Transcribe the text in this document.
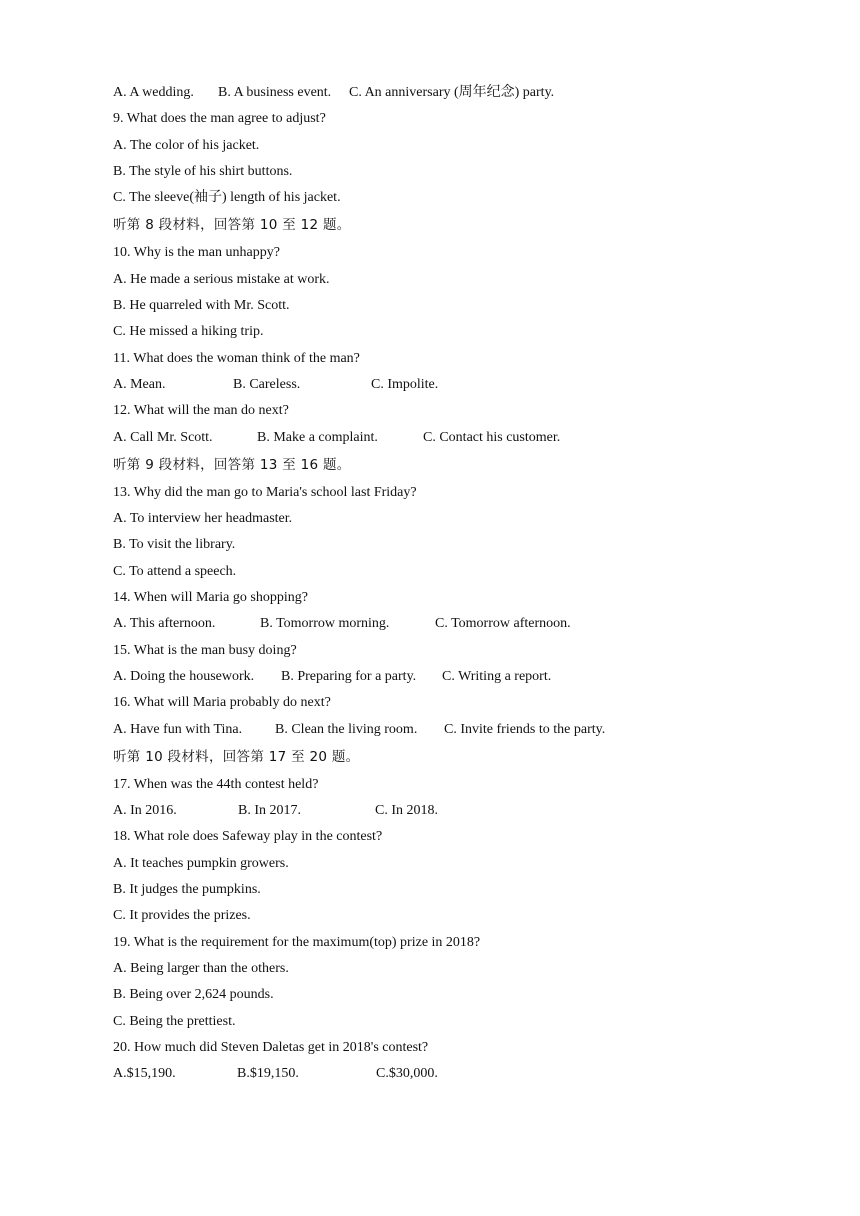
A. A wedding. B. A business event. C. An anniversary (周年纪念) party.
9. What does the man agree to adjust?
A. The color of his jacket.
B. The style of his shirt buttons.
C. The sleeve(袖子) length of his jacket.
听第 8 段材料，回答第 10 至 12 题。
10. Why is the man unhappy?
A. He made a serious mistake at work.
B. He quarreled with Mr. Scott.
C. He missed a hiking trip.
11. What does the woman think of the man?
A. Mean.	B. Careless.	C. Impolite.
12. What will the man do next?
A. Call Mr. Scott.	B. Make a complaint.	C. Contact his customer.
听第 9 段材料，回答第 13 至 16 题。
13. Why did the man go to Maria's school last Friday?
A. To interview her headmaster.
B. To visit the library.
C. To attend a speech.
14. When will Maria go shopping?
A. This afternoon.	B. Tomorrow morning.	C. Tomorrow afternoon.
15. What is the man busy doing?
A. Doing the housework. B. Preparing for a party. C. Writing a report.
16. What will Maria probably do next?
A. Have fun with Tina. B. Clean the living room. C. Invite friends to the party.
听第 10 段材料，回答第 17 至 20 题。
17. When was the 44th contest held?
A. In 2016.	B. In 2017.	C. In 2018.
18. What role does Safeway play in the contest?
A. It teaches pumpkin growers.
B. It judges the pumpkins.
C. It provides the prizes.
19. What is the requirement for the maximum(top) prize in 2018?
A. Being larger than the others.
B. Being over 2,624 pounds.
C. Being the prettiest.
20. How much did Steven Daletas get in 2018's contest?
A.$15,190.	B.$19,150.	C.$30,000.
